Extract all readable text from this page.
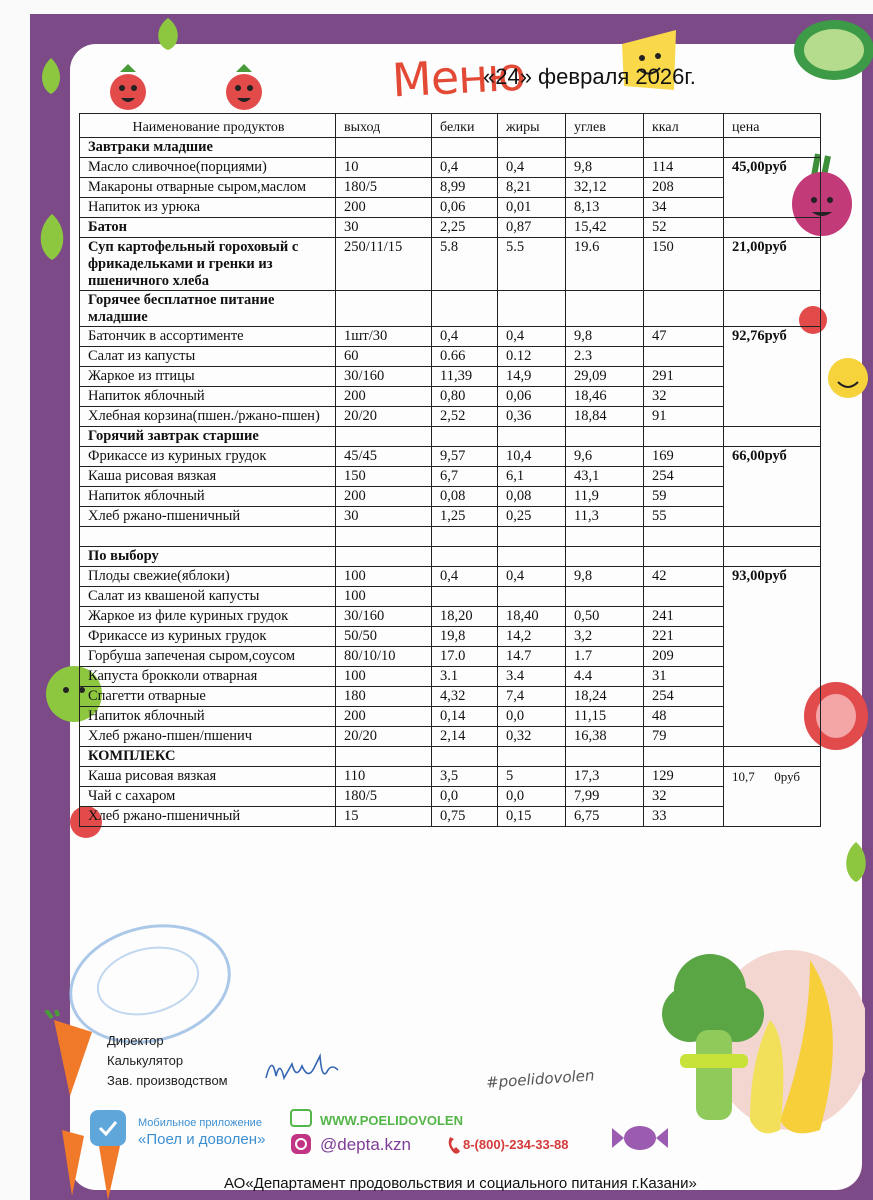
Меню
«24» февраля 2026г.
Наименование продуктов	выход	белки	жиры	углев	ккал	цена
Завтраки младшие						
Масло сливочное(порциями)	10	0,4	0,4	9,8	114	45,00руб
Макароны отварные сыром,маслом	180/5	8,99	8,21	32,12	208	
Напиток из урюка	200	0,06	0,01	8,13	34	
Батон	30	2,25	0,87	15,42	52	
Суп картофельный гороховый с фрикадельками и гренки из пшеничного хлеба	250/11/15	5.8	5.5	19.6	150	21,00руб
Горячее бесплатное питание младшие						
Батончик в ассортименте	1шт/30	0,4	0,4	9,8	47	92,76руб
Салат из капусты	60	0.66	0.12	2.3		
Жаркое из птицы	30/160	11,39	14,9	29,09	291	
Напиток яблочный	200	0,80	0,06	18,46	32	
Хлебная корзина(пшен./ржано-пшен)	20/20	2,52	0,36	18,84	91	
Горячий завтрак старшие						
Фрикассе из куриных грудок	45/45	9,57	10,4	9,6	169	66,00руб
Каша рисовая вязкая	150	6,7	6,1	43,1	254	
Напиток яблочный	200	0,08	0,08	11,9	59	
Хлеб ржано-пшеничный	30	1,25	0,25	11,3	55	

По выбору						
Плоды свежие(яблоки)	100	0,4	0,4	9,8	42	93,00руб
Салат из квашеной капусты	100					
Жаркое из филе куриных грудок	30/160	18,20	18,40	0,50	241	
Фрикассе из куриных грудок	50/50	19,8	14,2	3,2	221	
Горбуша запеченая сыром,соусом	80/10/10	17.0	14.7	1.7	209	
Капуста брокколи отварная	100	3.1	3.4	4.4	31	
Спагетти отварные	180	4,32	7,4	18,24	254	
Напиток яблочный	200	0,14	0,0	11,15	48	
Хлеб ржано-пшен/пшенич	20/20	2,14	0,32	16,38	79	
КОМПЛЕКС						
Каша рисовая вязкая	110	3,5	5	17,3	129	10,7      0руб
Чай с сахаром	180/5	0,0	0,0	7,99	32	
Хлеб ржано-пшеничный	15	0,75	0,15	6,75	33	
Директор
Калькулятор
Зав. производством
Мобильное приложение
«Поел и доволен»
WWW.POELIDOVOLEN
@depta.kzn	8-(800)-234-33-88
#poelidovolen
АО«Департамент продовольствия и социального питания г.Казани»
